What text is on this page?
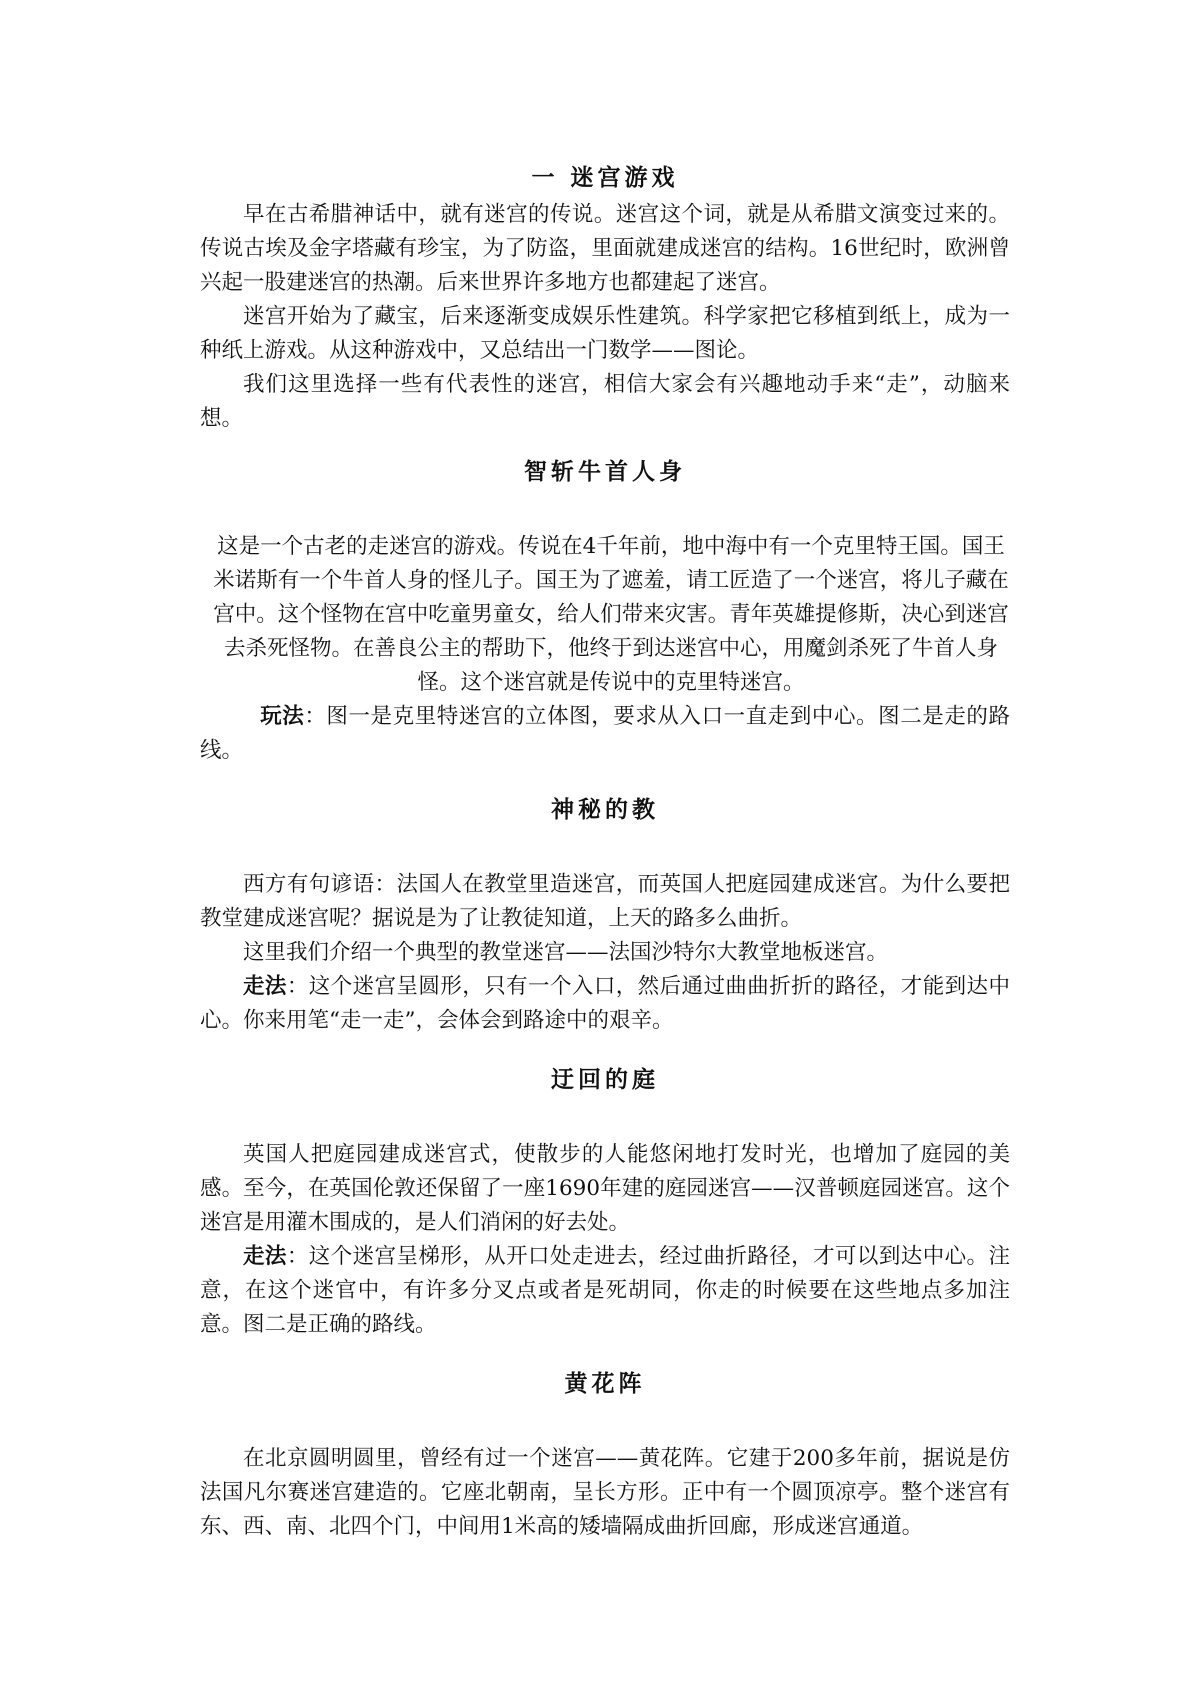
一 迷宫游戏

早在古希腊神话中，就有迷宫的传说。迷宫这个词，就是从希腊文演变过来的。传说古埃及金字塔藏有珍宝，为了防盗，里面就建成迷宫的结构。16世纪时，欧洲曾兴起一股建迷宫的热潮。后来世界许多地方也都建起了迷宫。

迷宫开始为了藏宝，后来逐渐变成娱乐性建筑。科学家把它移植到纸上，成为一种纸上游戏。从这种游戏中，又总结出一门数学——图论。

我们这里选择一些有代表性的迷宫，相信大家会有兴趣地动手来“走”，动脑来想。

智斩牛首人身

这是一个古老的走迷宫的游戏。传说在4千年前，地中海中有一个克里特王国。国王米诺斯有一个牛首人身的怪儿子。国王为了遮羞，请工匠造了一个迷宫，将儿子藏在宫中。这个怪物在宫中吃童男童女，给人们带来灾害。青年英雄提修斯，决心到迷宫去杀死怪物。在善良公主的帮助下，他终于到达迷宫中心，用魔剑杀死了牛首人身怪。这个迷宫就是传说中的克里特迷宫。

玩法：图一是克里特迷宫的立体图，要求从入口一直走到中心。图二是走的路线。

神秘的教

西方有句谚语：法国人在教堂里造迷宫，而英国人把庭园建成迷宫。为什么要把教堂建成迷宫呢？据说是为了让教徒知道，上天的路多么曲折。

这里我们介绍一个典型的教堂迷宫——法国沙特尔大教堂地板迷宫。

走法：这个迷宫呈圆形，只有一个入口，然后通过曲曲折折的路径，才能到达中心。你来用笔“走一走”，会体会到路途中的艰辛。

迂回的庭

英国人把庭园建成迷宫式，使散步的人能悠闲地打发时光，也增加了庭园的美感。至今，在英国伦敦还保留了一座1690年建的庭园迷宫——汉普顿庭园迷宫。这个迷宫是用灌木围成的，是人们消闲的好去处。

走法：这个迷宫呈梯形，从开口处走进去，经过曲折路径，才可以到达中心。注意，在这个迷官中，有许多分叉点或者是死胡同，你走的时候要在这些地点多加注意。图二是正确的路线。

黄花阵

在北京圆明圆里，曾经有过一个迷宫——黄花阵。它建于200多年前，据说是仿法国凡尔赛迷宫建造的。它座北朝南，呈长方形。正中有一个圆顶凉亭。整个迷宫有东、西、南、北四个门，中间用1米高的矮墙隔成曲折回廊，形成迷宫通道。
